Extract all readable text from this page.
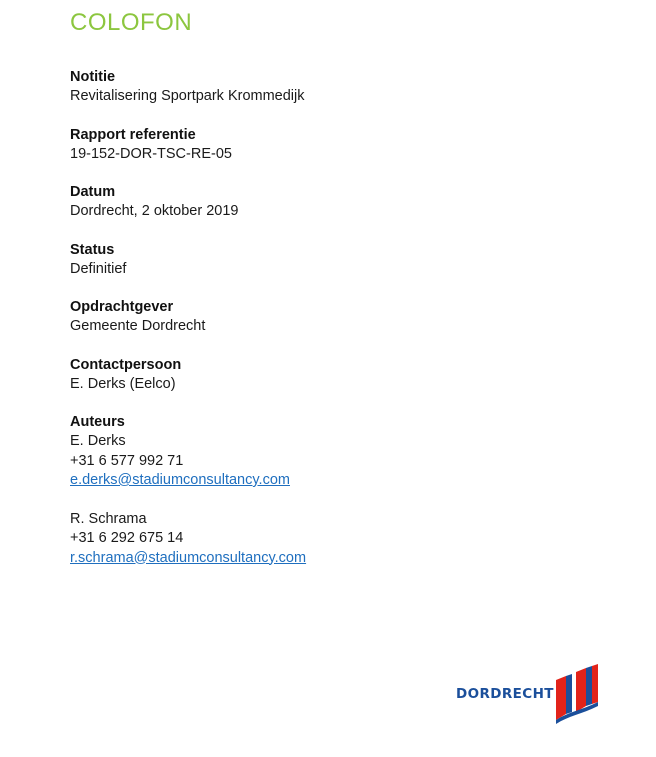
COLOFON
Notitie
Revitalisering Sportpark Krommedijk
Rapport referentie
19-152-DOR-TSC-RE-05
Datum
Dordrecht, 2 oktober 2019
Status
Definitief
Opdrachtgever
Gemeente Dordrecht
Contactpersoon
E. Derks (Eelco)
Auteurs
E. Derks
+31 6 577 992 71
e.derks@stadiumconsultancy.com
R. Schrama
+31 6 292 675 14
r.schrama@stadiumconsultancy.com
DORDRECHT
